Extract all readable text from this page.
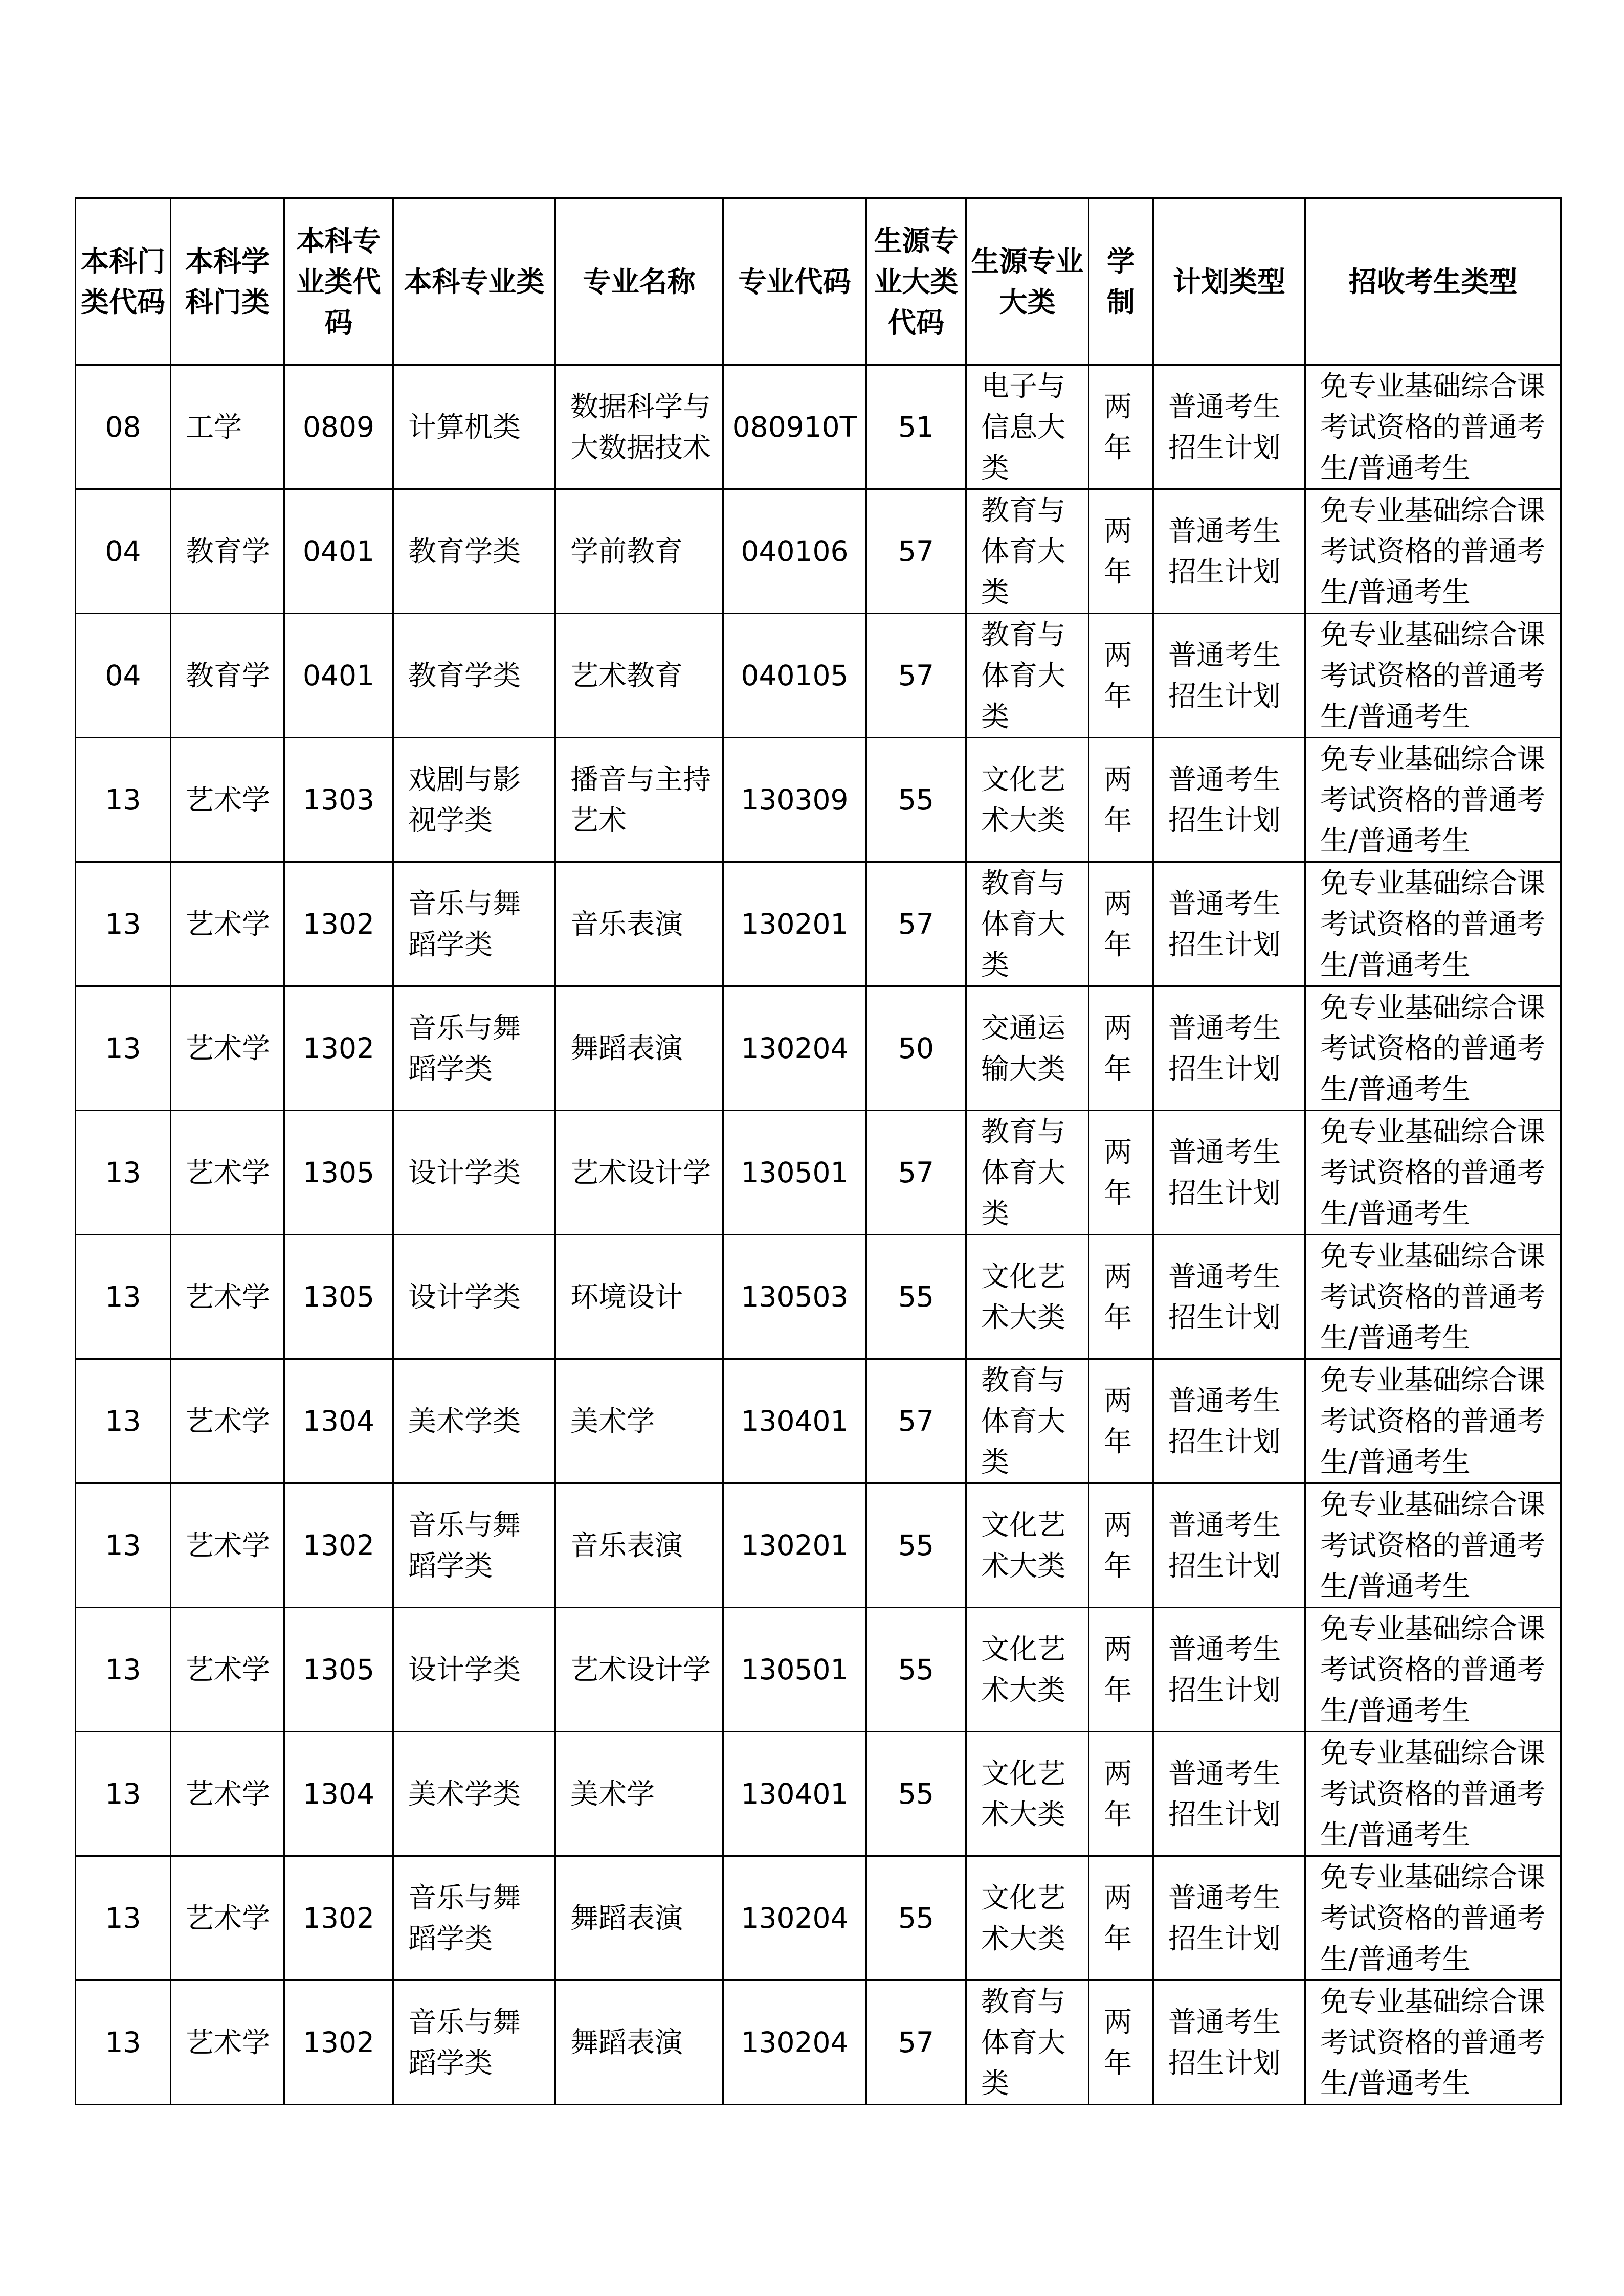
本科门类代码	本科学科门类	本科专业类代码	本科专业类	专业名称	专业代码	生源专业大类代码	生源专业大类	学制	计划类型	招收考生类型
08	工学	0809	计算机类	数据科学与大数据技术	080910T	51	电子与信息大类	两年	普通考生招生计划	免专业基础综合课考试资格的普通考生/普通考生
04	教育学	0401	教育学类	学前教育	040106	57	教育与体育大类	两年	普通考生招生计划	免专业基础综合课考试资格的普通考生/普通考生
04	教育学	0401	教育学类	艺术教育	040105	57	教育与体育大类	两年	普通考生招生计划	免专业基础综合课考试资格的普通考生/普通考生
13	艺术学	1303	戏剧与影视学类	播音与主持艺术	130309	55	文化艺术大类	两年	普通考生招生计划	免专业基础综合课考试资格的普通考生/普通考生
13	艺术学	1302	音乐与舞蹈学类	音乐表演	130201	57	教育与体育大类	两年	普通考生招生计划	免专业基础综合课考试资格的普通考生/普通考生
13	艺术学	1302	音乐与舞蹈学类	舞蹈表演	130204	50	交通运输大类	两年	普通考生招生计划	免专业基础综合课考试资格的普通考生/普通考生
13	艺术学	1305	设计学类	艺术设计学	130501	57	教育与体育大类	两年	普通考生招生计划	免专业基础综合课考试资格的普通考生/普通考生
13	艺术学	1305	设计学类	环境设计	130503	55	文化艺术大类	两年	普通考生招生计划	免专业基础综合课考试资格的普通考生/普通考生
13	艺术学	1304	美术学类	美术学	130401	57	教育与体育大类	两年	普通考生招生计划	免专业基础综合课考试资格的普通考生/普通考生
13	艺术学	1302	音乐与舞蹈学类	音乐表演	130201	55	文化艺术大类	两年	普通考生招生计划	免专业基础综合课考试资格的普通考生/普通考生
13	艺术学	1305	设计学类	艺术设计学	130501	55	文化艺术大类	两年	普通考生招生计划	免专业基础综合课考试资格的普通考生/普通考生
13	艺术学	1304	美术学类	美术学	130401	55	文化艺术大类	两年	普通考生招生计划	免专业基础综合课考试资格的普通考生/普通考生
13	艺术学	1302	音乐与舞蹈学类	舞蹈表演	130204	55	文化艺术大类	两年	普通考生招生计划	免专业基础综合课考试资格的普通考生/普通考生
13	艺术学	1302	音乐与舞蹈学类	舞蹈表演	130204	57	教育与体育大类	两年	普通考生招生计划	免专业基础综合课考试资格的普通考生/普通考生
